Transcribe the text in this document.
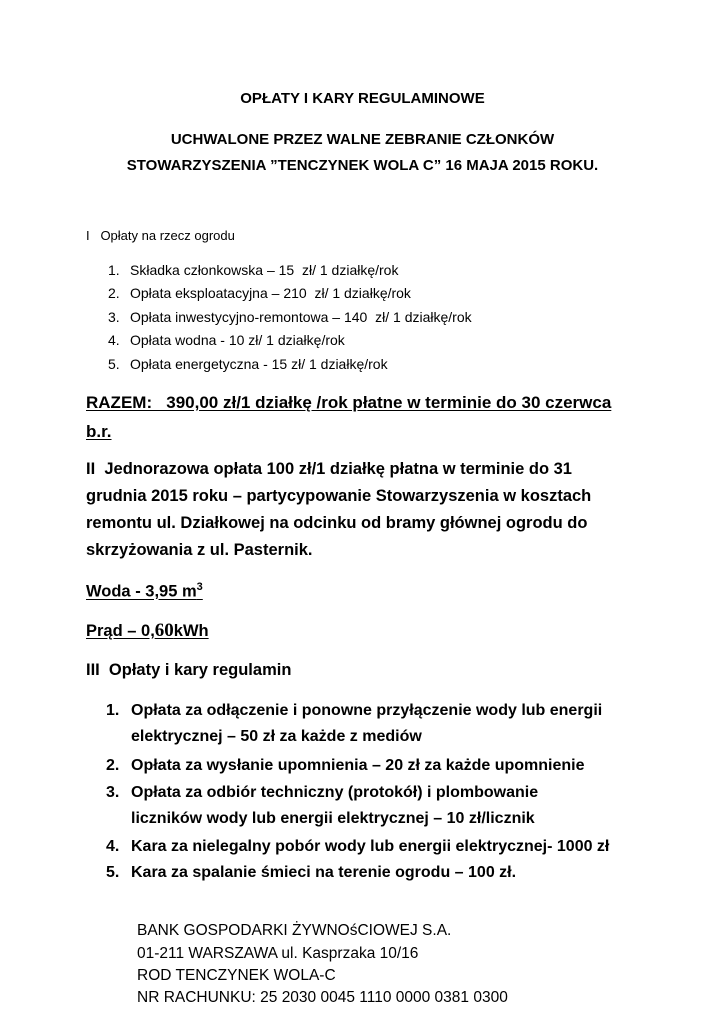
OPŁATY I KARY REGULAMINOWE
UCHWALONE PRZEZ WALNE ZEBRANIE CZŁONKÓW
STOWARZYSZENIA ”TENCZYNEK WOLA C” 16 MAJA 2015 ROKU.
I   Opłaty na rzecz ogrodu
1. Składka członkowska – 15  zł/ 1 działkę/rok
2. Opłata eksploatacyjna – 210  zł/ 1 działkę/rok
3. Opłata inwestycyjno-remontowa – 140  zł/ 1 działkę/rok
4. Opłata wodna - 10 zł/ 1 działkę/rok
5. Opłata energetyczna - 15 zł/ 1 działkę/rok
RAZEM:   390,00 zł/1 działkę /rok płatne w terminie do 30 czerwca
b.r.
II  Jednorazowa opłata 100 zł/1 działkę płatna w terminie do 31
grudnia 2015 roku – partycypowanie Stowarzyszenia w kosztach
remontu ul. Działkowej na odcinku od bramy głównej ogrodu do
skrzyżowania z ul. Pasternik.
Woda - 3,95 $m^3$
Prąd – 0,60kWh
III  Opłaty i kary regulamin
1. Opłata za odłączenie i ponowne przyłączenie wody lub energii
elektrycznej – 50 zł za każde z mediów
2. Opłata za wysłanie upomnienia – 20 zł za każde upomnienie
3. Opłata za odbiór techniczny (protokół) i plombowanie
liczników wody lub energii elektrycznej – 10 zł/licznik
4. Kara za nielegalny pobór wody lub energii elektrycznej- 1000 zł
5. Kara za spalanie śmieci na terenie ogrodu – 100 zł.
BANK GOSPODARKI ŻYWNOśCIOWEJ S.A.
01-211 WARSZAWA ul. Kasprzaka 10/16
ROD TENCZYNEK WOLA-C
NR RACHUNKU: 25 2030 0045 1110 0000 0381 0300
